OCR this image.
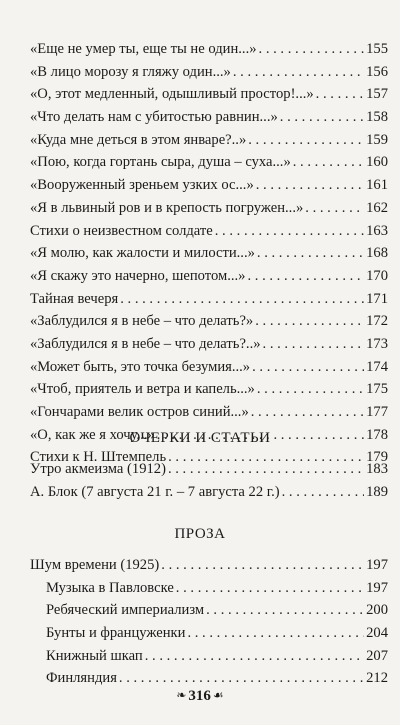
«Еще не умер ты, еще ты не один...» . . .	155
«В лицо морозу я гляжу один...» . . .	156
«О, этот медленный, одышливый простор!...» . . .	157
«Что делать нам с убитостью равнин...» . . .	158
«Куда мне деться в этом январе?..» . . .	159
«Пою, когда гортань сыра, душа – суха...» . . .	160
«Вооруженный зреньем узких ос...» . . .	161
«Я в львиный ров и в крепость погружен...» . . .	162
Стихи о неизвестном солдате . . .	163
«Я молю, как жалости и милости...» . . .	168
«Я скажу это начерно, шепотом...» . . .	170
Тайная вечеря . . .	171
«Заблудился я в небе – что делать?» . . .	172
«Заблудился я в небе – что делать?..» . . .	173
«Может быть, это точка безумия...» . . .	174
«Чтоб, приятель и ветра и капель...» . . .	175
«Гончарами велик остров синий...» . . .	177
«О, как же я хочу...» . . .	178
Стихи к Н. Штемпель . . .	179
ОЧЕРКИ И СТАТЬИ
Утро акмеизма (1912) . . .	183
А. Блок (7 августа 21 г. – 7 августа 22 г.) . . .	189
ПРОЗА
Шум времени (1925) . . .	197
Музыка в Павловске . . .	197
Ребяческий империализм . . .	200
Бунты и француженки . . .	204
Книжный шкап . . .	207
Финляндия . . .	212
❧ 316 ☙
